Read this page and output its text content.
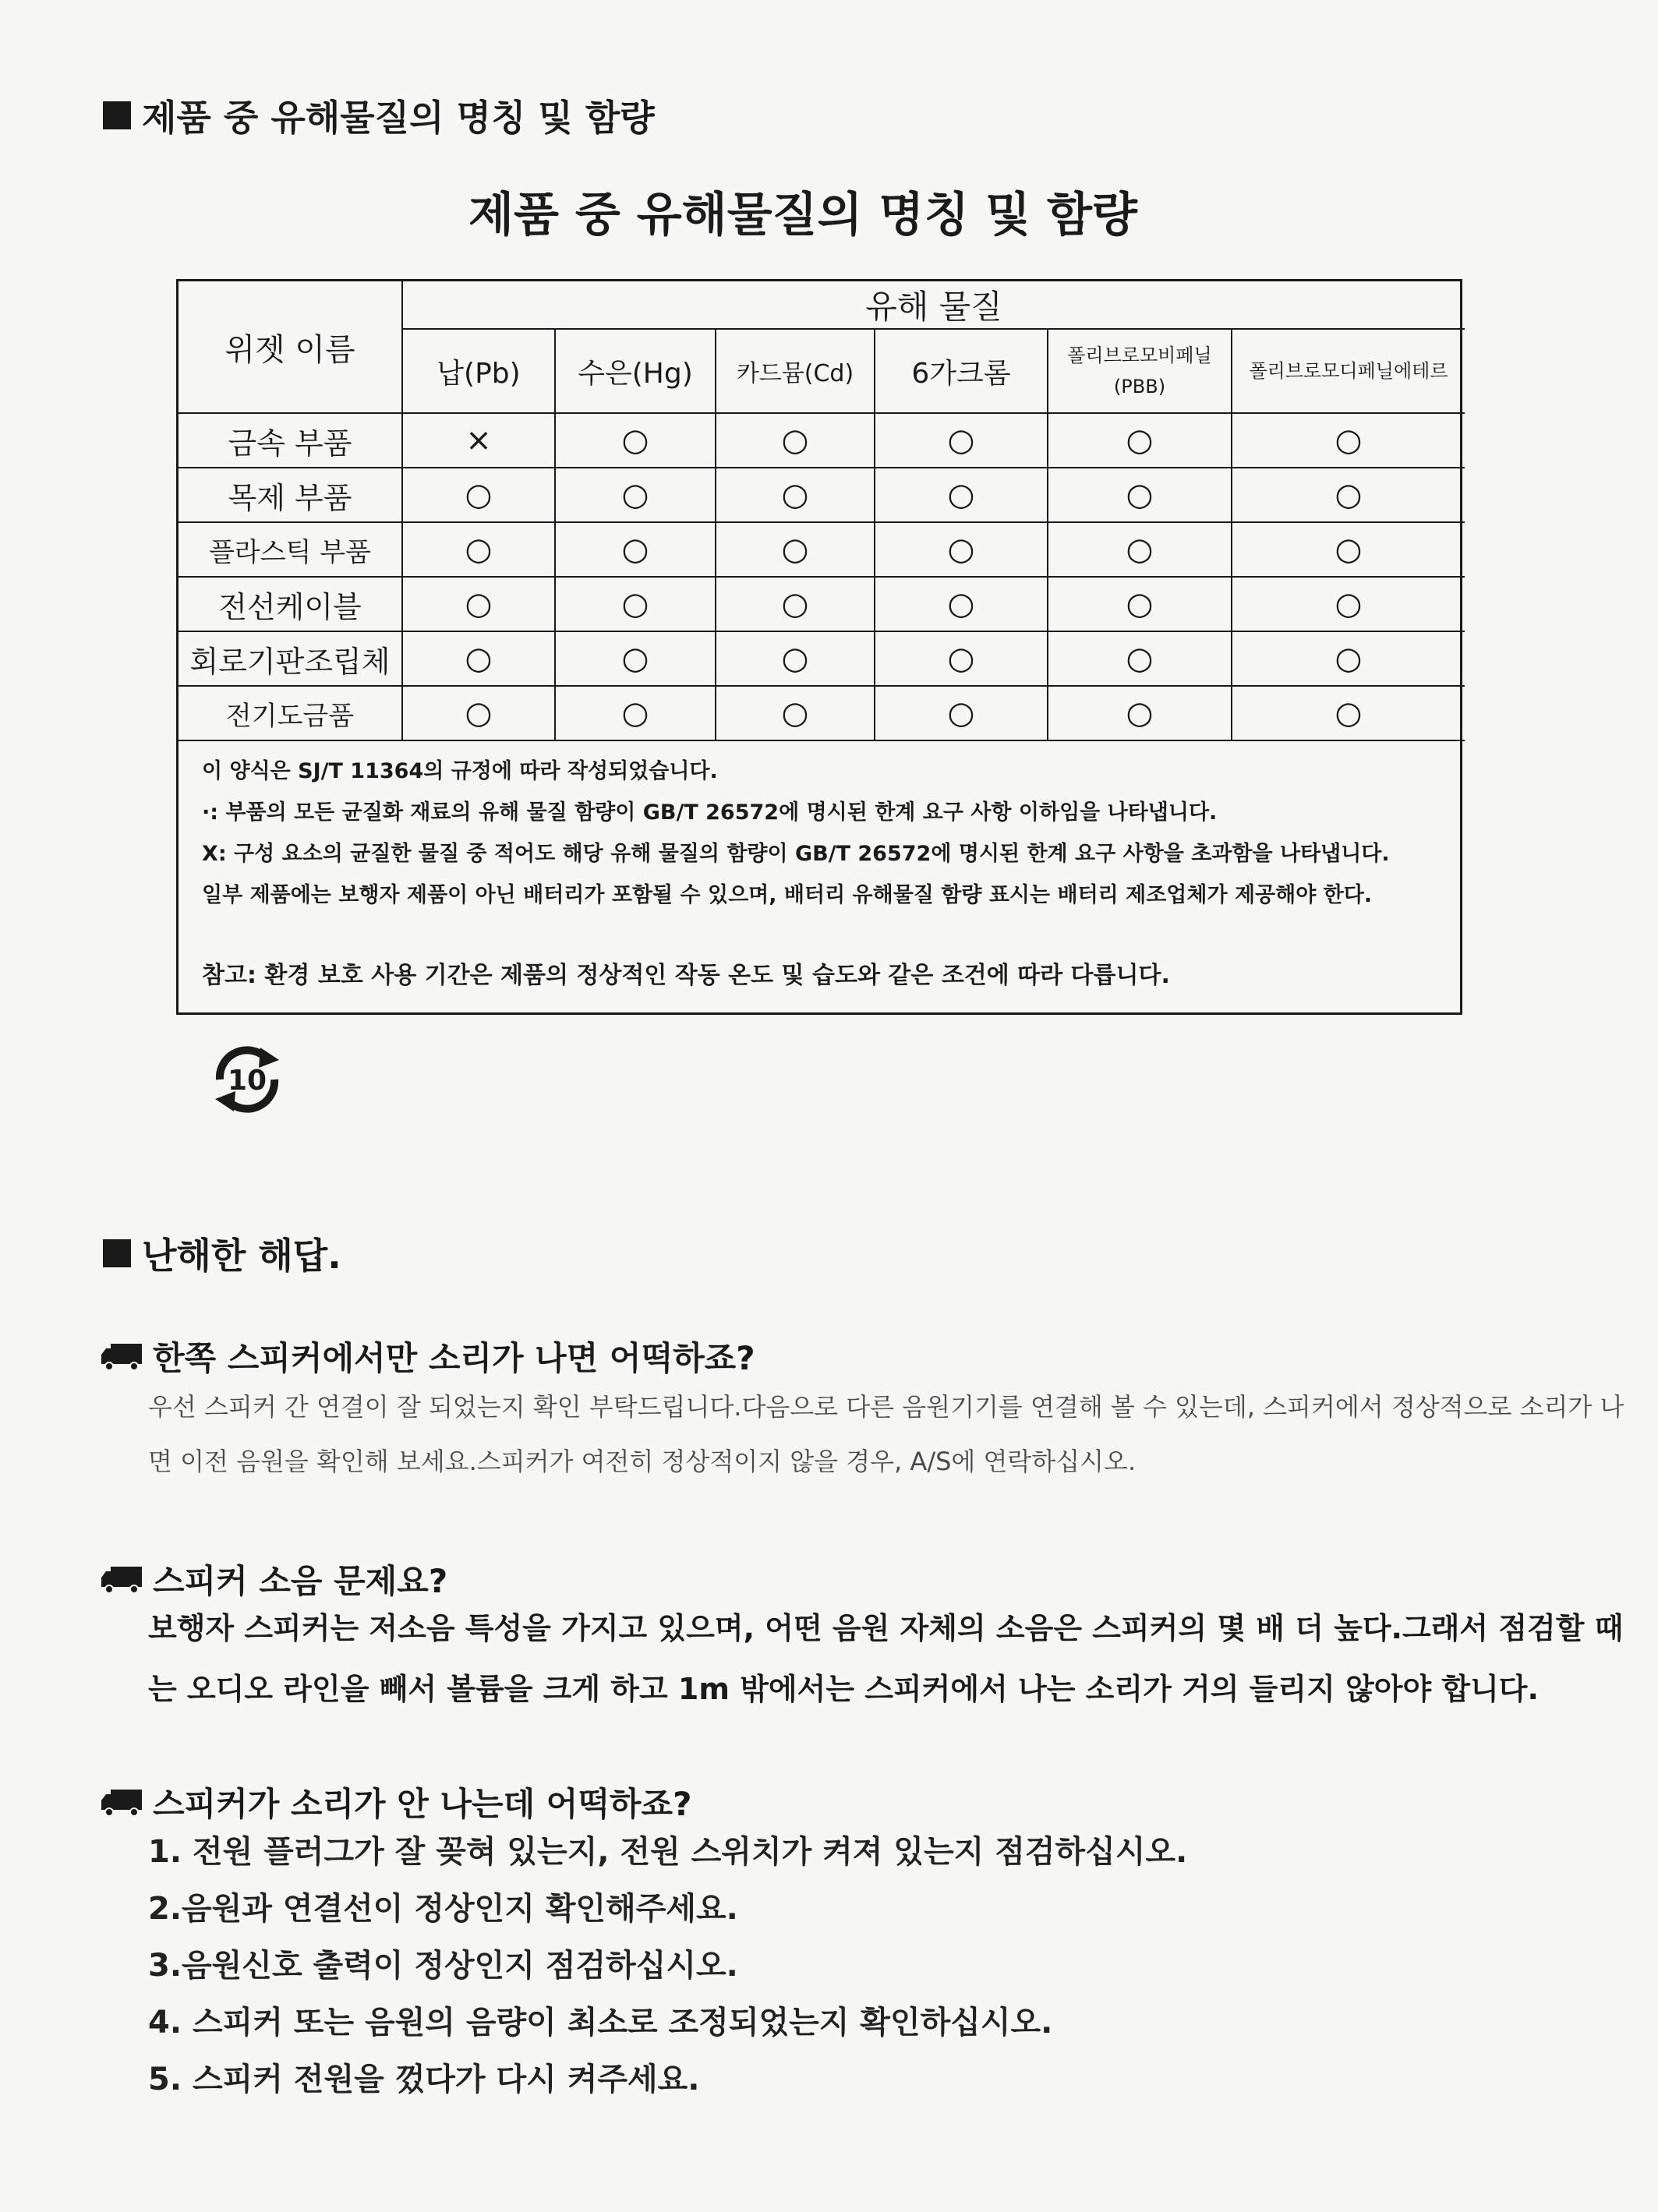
제품 중 유해물질의 명칭 및 함량
제품 중 유해물질의 명칭 및 함량
위젯 이름	유해 물질					
	납(Pb)	수은(Hg)	카드뮴(Cd)	6가크롬	폴리브로모비페닐 (PBB)	폴리브로모디페닐에테르
금속 부품	×	○	○	○	○	○
목제 부품	○	○	○	○	○	○
플라스틱 부품	○	○	○	○	○	○
전선케이블	○	○	○	○	○	○
회로기판조립체	○	○	○	○	○	○
전기도금품	○	○	○	○	○	○
이 양식은 SJ/T 11364의 규정에 따라 작성되었습니다.
·: 부품의 모든 균질화 재료의 유해 물질 함량이 GB/T 26572에 명시된 한계 요구 사항 이하임을 나타냅니다.
X: 구성 요소의 균질한 물질 중 적어도 해당 유해 물질의 함량이 GB/T 26572에 명시된 한계 요구 사항을 초과함을 나타냅니다.
일부 제품에는 보행자 제품이 아닌 배터리가 포함될 수 있으며, 배터리 유해물질 함량 표시는 배터리 제조업체가 제공해야 한다.
참고: 환경 보호 사용 기간은 제품의 정상적인 작동 온도 및 습도와 같은 조건에 따라 다릅니다.
10
난해한 해답.
한쪽 스피커에서만 소리가 나면 어떡하죠?
우선 스피커 간 연결이 잘 되었는지 확인 부탁드립니다.다음으로 다른 음원기기를 연결해 볼 수 있는데, 스피커에서 정상적으로 소리가 나면 이전 음원을 확인해 보세요.스피커가 여전히 정상적이지 않을 경우, A/S에 연락하십시오.
스피커 소음 문제요?
보행자 스피커는 저소음 특성을 가지고 있으며, 어떤 음원 자체의 소음은 스피커의 몇 배 더 높다.그래서 점검할 때는 오디오 라인을 빼서 볼륨을 크게 하고 1m 밖에서는 스피커에서 나는 소리가 거의 들리지 않아야 합니다.
스피커가 소리가 안 나는데 어떡하죠?
1. 전원 플러그가 잘 꽂혀 있는지, 전원 스위치가 켜져 있는지 점검하십시오.
2.음원과 연결선이 정상인지 확인해주세요.
3.음원신호 출력이 정상인지 점검하십시오.
4. 스피커 또는 음원의 음량이 최소로 조정되었는지 확인하십시오.
5. 스피커 전원을 껐다가 다시 켜주세요.
